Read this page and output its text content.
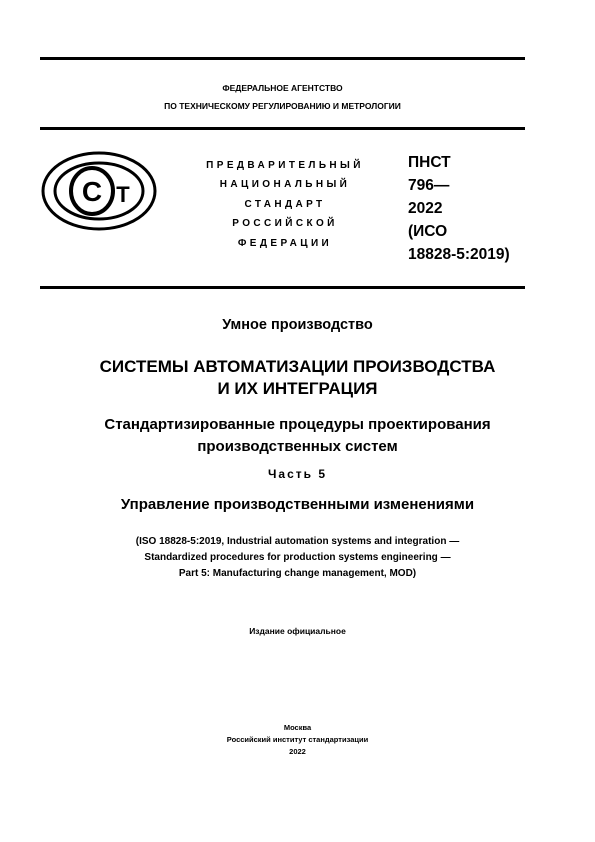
ФЕДЕРАЛЬНОЕ АГЕНТСТВО
ПО ТЕХНИЧЕСКОМУ РЕГУЛИРОВАНИЮ И МЕТРОЛОГИИ
С Т
ПРЕДВАРИТЕЛЬНЫЙ
НАЦИОНАЛЬНЫЙ
СТАНДАРТ
РОССИЙСКОЙ
ФЕДЕРАЦИИ
ПНСТ
796—
2022
(ИСО
18828-5:2019)
Умное производство
СИСТЕМЫ АВТОМАТИЗАЦИИ ПРОИЗВОДСТВА
И ИХ ИНТЕГРАЦИЯ
Стандартизированные процедуры проектирования
производственных систем
Часть 5
Управление производственными изменениями
(ISO 18828-5:2019, Industrial automation systems and integration —
Standardized procedures for production systems engineering —
Part 5: Manufacturing change management, MOD)
Издание официальное
Москва
Российский институт стандартизации
2022
